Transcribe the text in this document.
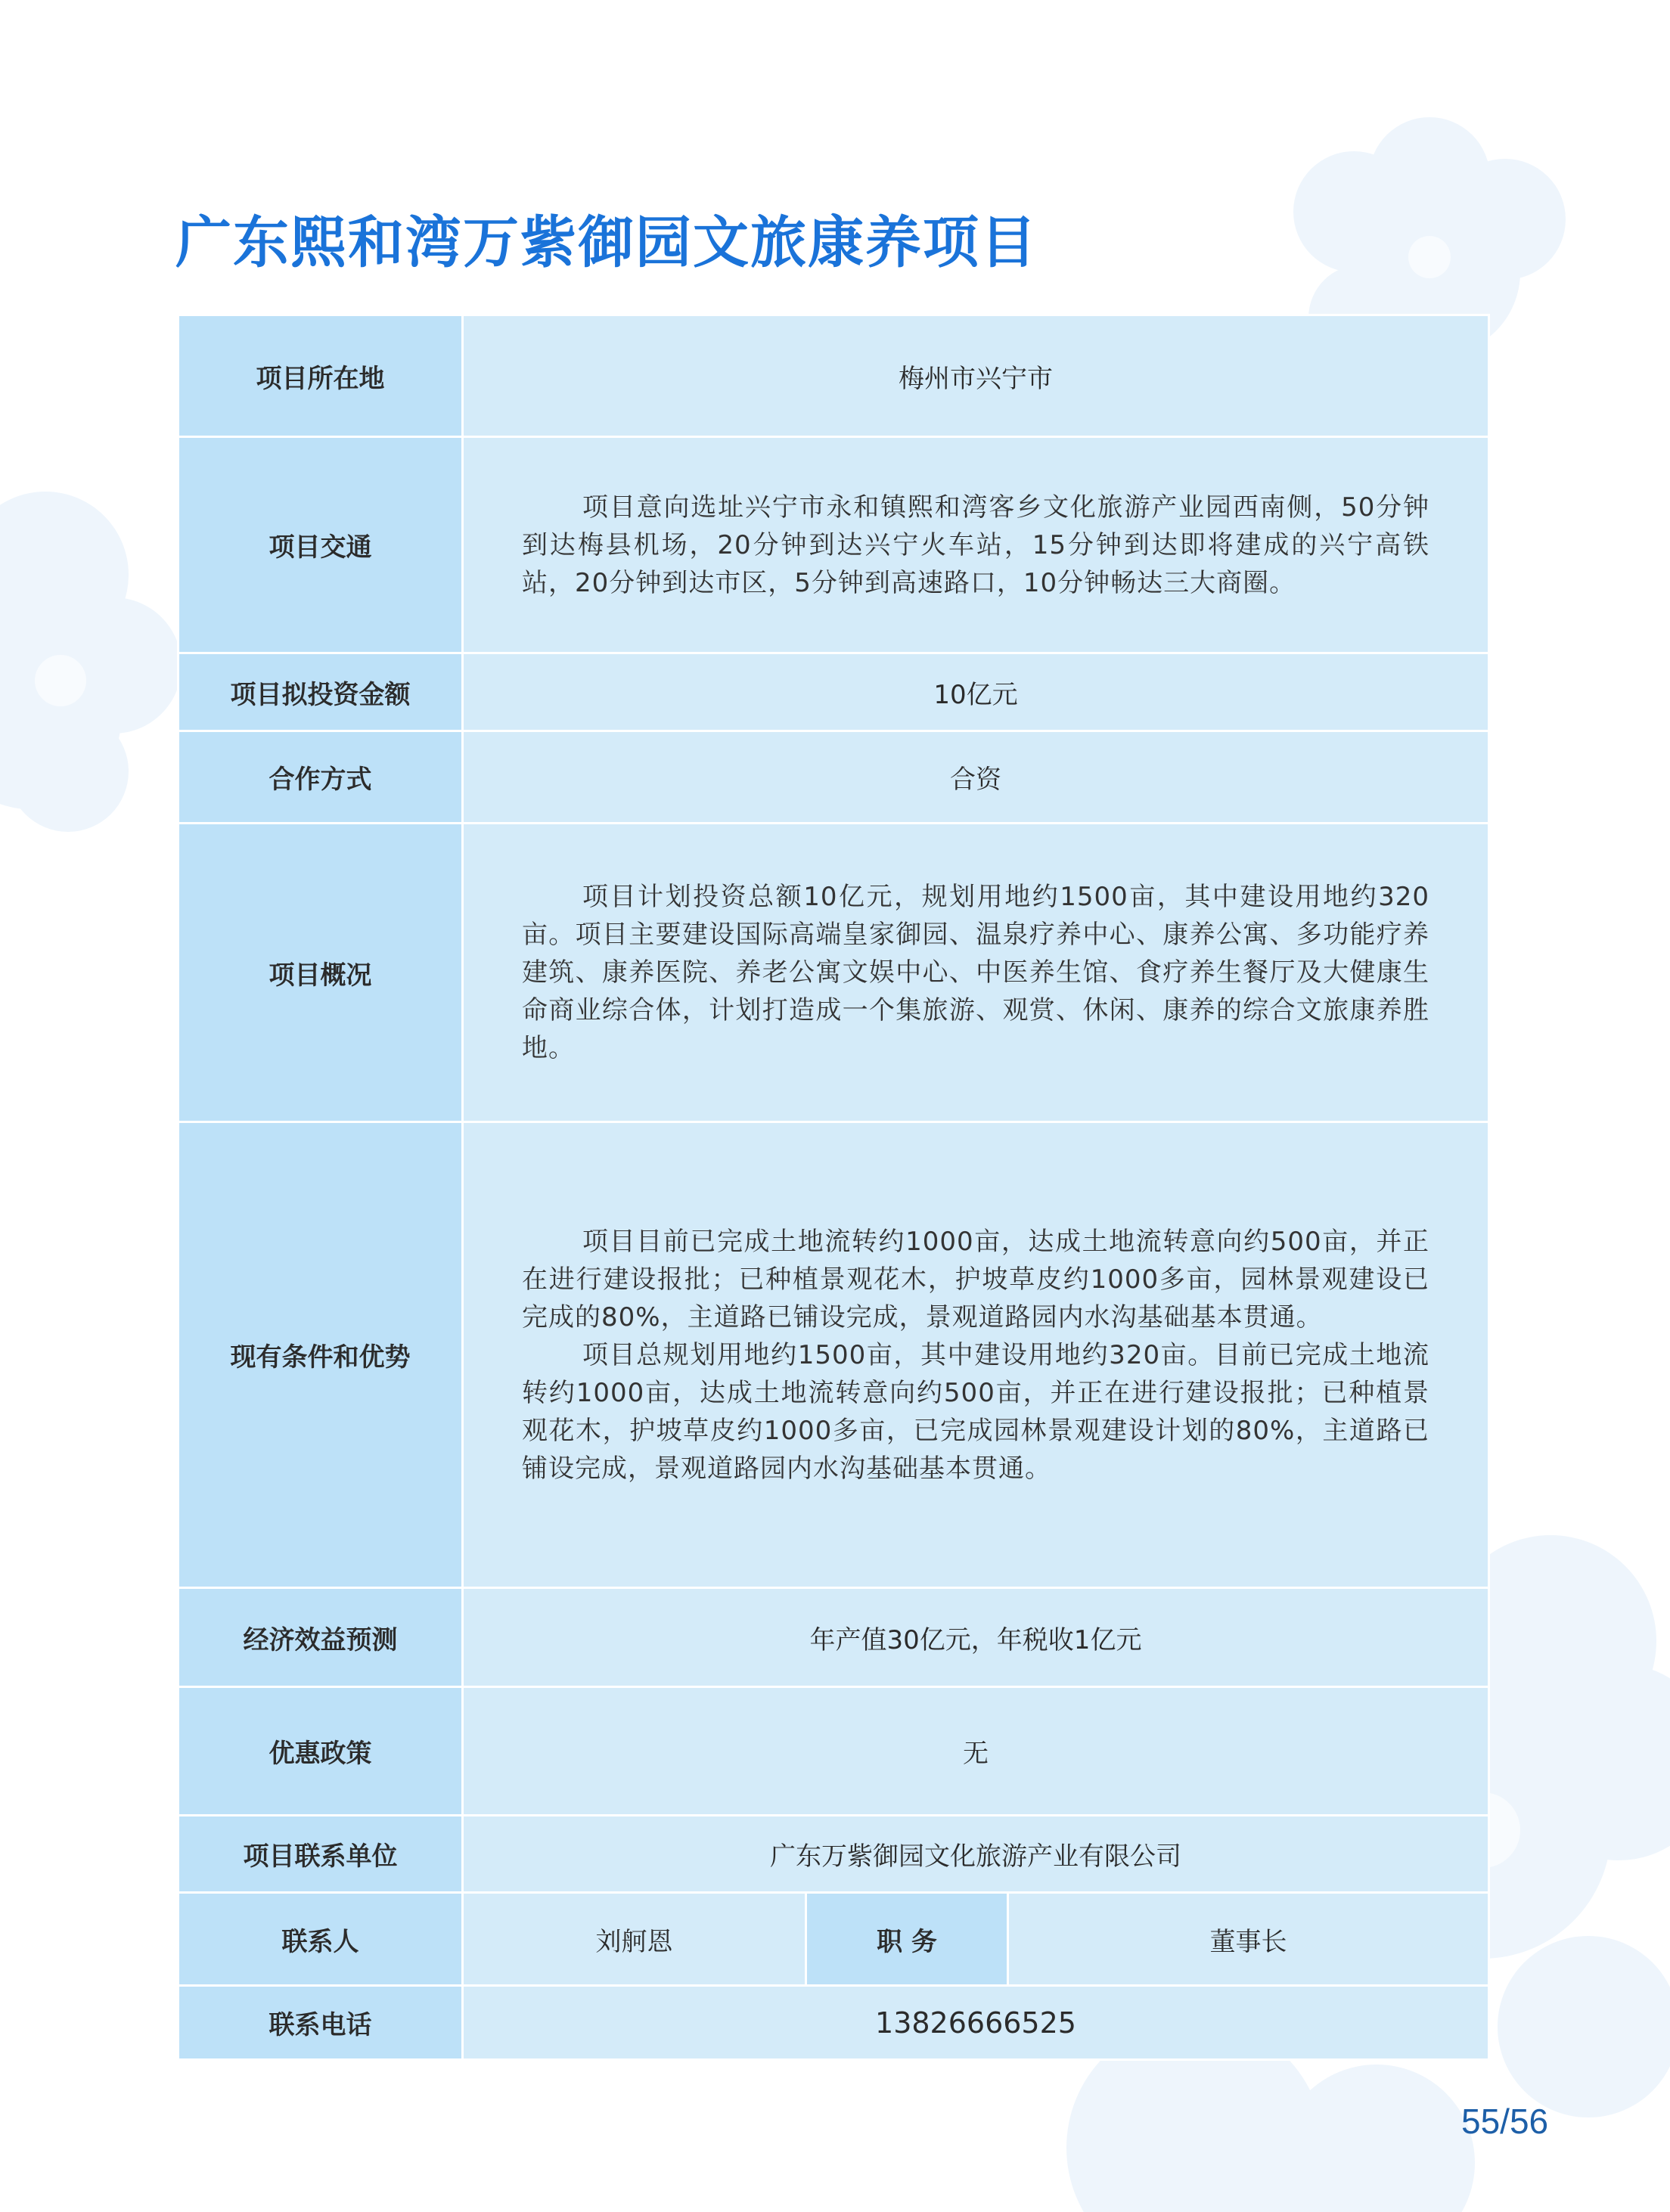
广东熙和湾万紫御园文旅康养项目
项目所在地	梅州市兴宁市		
项目交通	项目意向选址兴宁市永和镇熙和湾客乡文化旅游产业园西南侧，50分钟到达梅县机场，20分钟到达兴宁火车站，15分钟到达即将建成的兴宁高铁站，20分钟到达市区，5分钟到高速路口，10分钟畅达三大商圈。		

项目拟投资金额	10亿元		
合作方式	合资		
项目概况	项目计划投资总额10亿元，规划用地约1500亩，其中建设用地约320亩。项目主要建设国际高端皇家御园、温泉疗养中心、康养公寓、多功能疗养建筑、康养医院、养老公寓文娱中心、中医养生馆、食疗养生餐厅及大健康生命商业综合体，计划打造成一个集旅游、观赏、休闲、康养的综合文旅康养胜地。		

现有条件和优势	项目目前已完成土地流转约1000亩，达成土地流转意向约500亩，并正在进行建设报批；已种植景观花木，护坡草皮约1000多亩，园林景观建设已完成的80%，主道路已铺设完成，景观道路园内水沟基础基本贯通。

项目总规划用地约1500亩，其中建设用地约320亩。目前已完成土地流转约1000亩，达成土地流转意向约500亩，并正在进行建设报批；已种植景观花木，护坡草皮约1000多亩，已完成园林景观建设计划的80%，主道路已铺设完成，景观道路园内水沟基础基本贯通。		

经济效益预测	年产值30亿元，年税收1亿元		
优惠政策	无		
项目联系单位	广东万紫御园文化旅游产业有限公司		
联系人	刘舸恩	职 务	董事长
联系电话	13826666525		
55/56
